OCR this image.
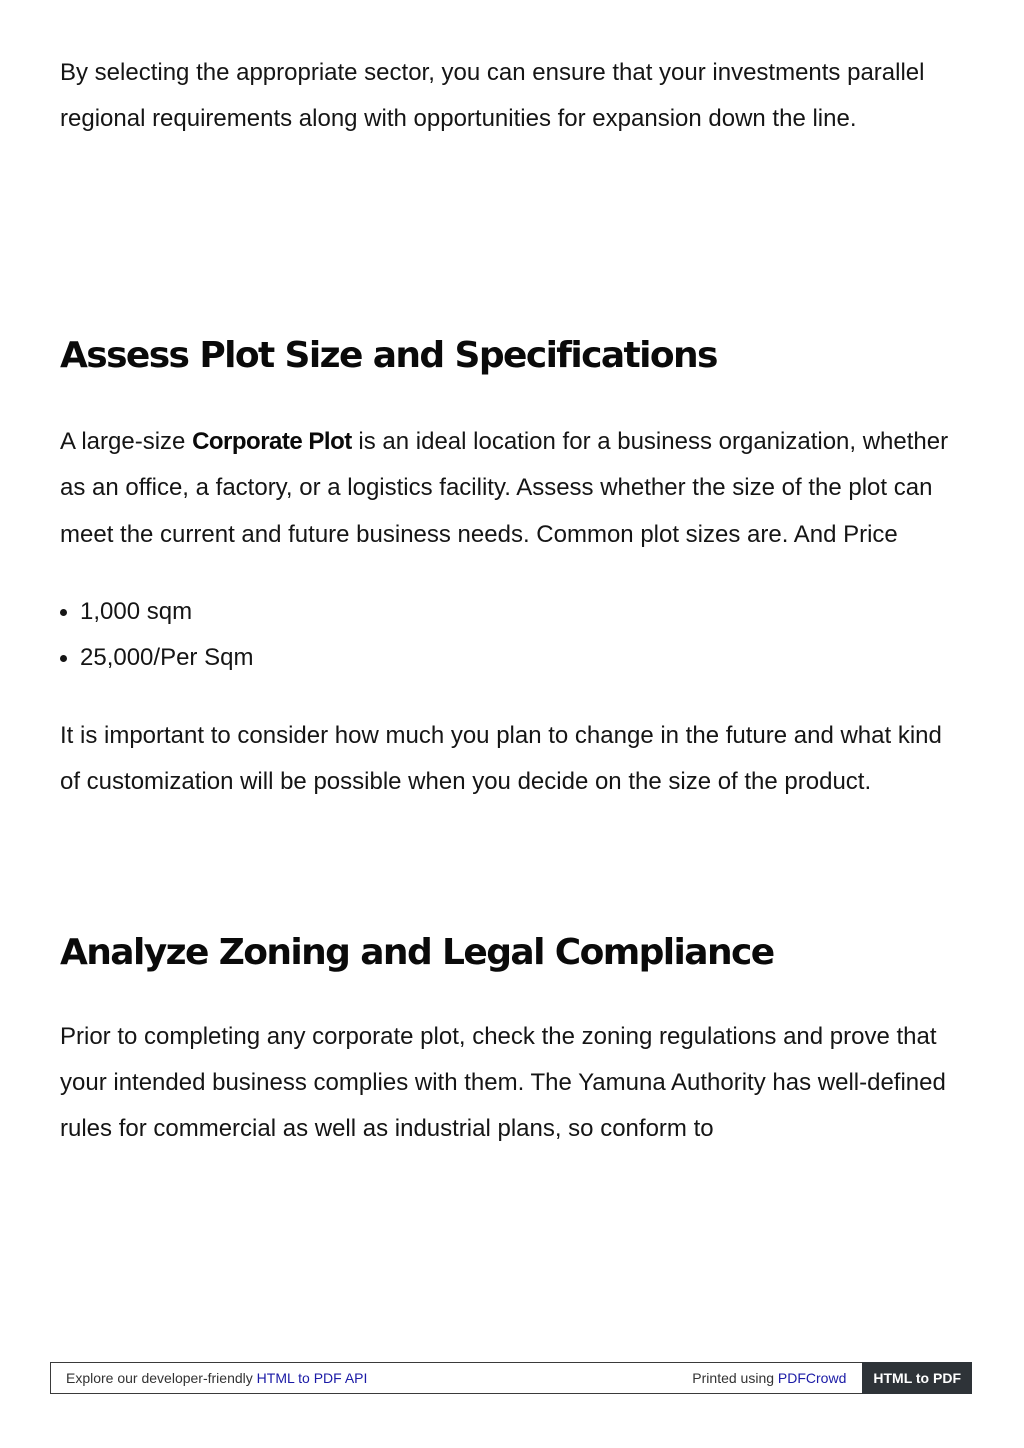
By selecting the appropriate sector, you can ensure that your investments parallel regional requirements along with opportunities for expansion down the line.

Assess Plot Size and Specifications

A large-size Corporate Plot is an ideal location for a business organization, whether as an office, a factory, or a logistics facility. Assess whether the size of the plot can meet the current and future business needs. Common plot sizes are. And Price

1,000 sqm
25,000/Per Sqm

It is important to consider how much you plan to change in the future and what kind of customization will be possible when you decide on the size of the product.

Analyze Zoning and Legal Compliance

Prior to completing any corporate plot, check the zoning regulations and prove that your intended business complies with them. The Yamuna Authority has well-defined rules for commercial as well as industrial plans, so conform to

Explore our developer-friendly HTML to PDF API	Printed using PDFCrowd	HTML to PDF
